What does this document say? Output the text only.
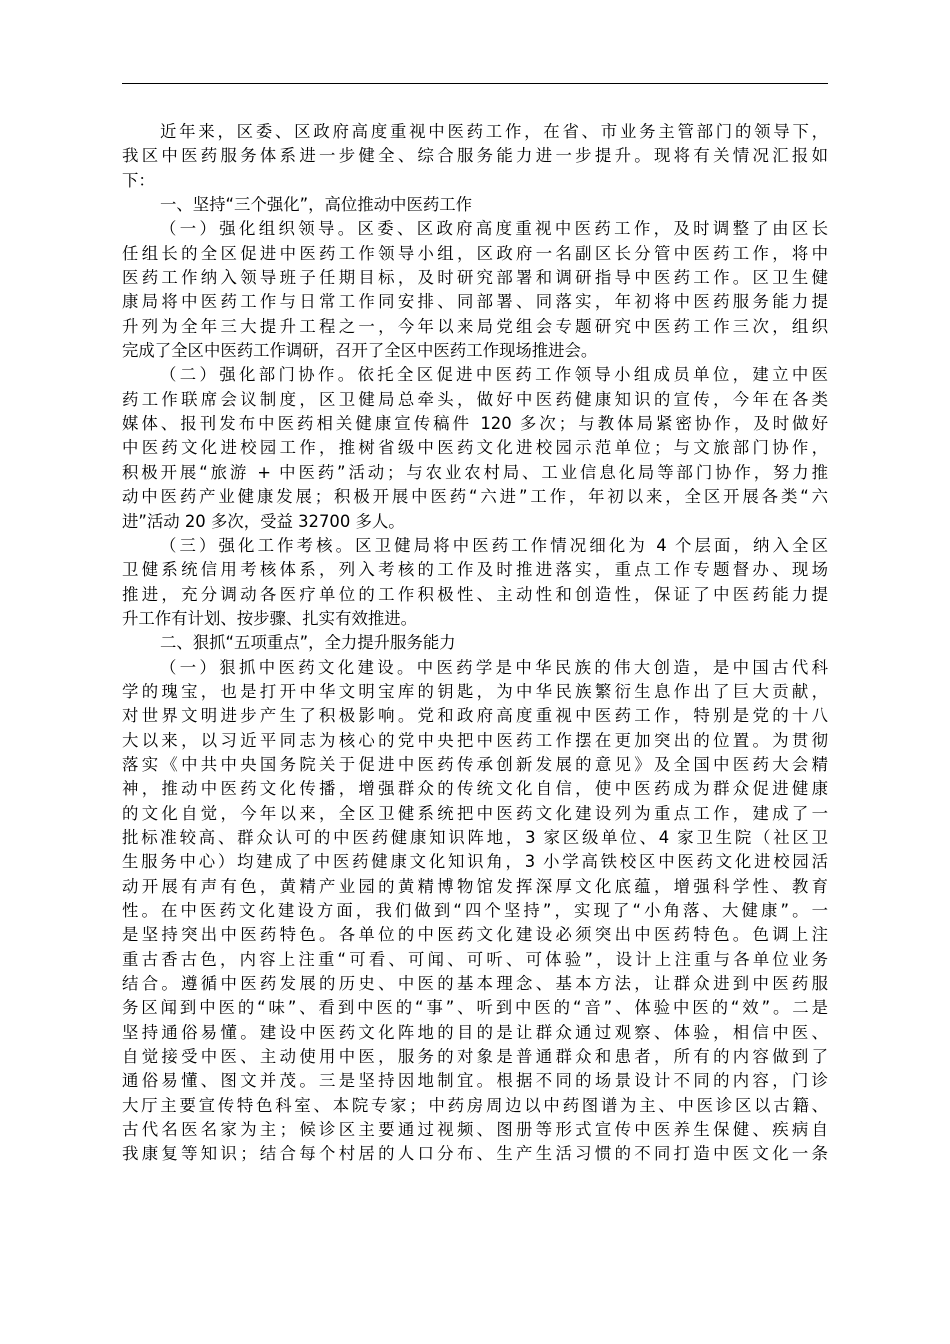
近年来，区委、区政府高度重视中医药工作，在省、市业务主管部门的领导下，
我区中医药服务体系进一步健全、综合服务能力进一步提升。现将有关情况汇报如
下：
一、坚持“三个强化”，高位推动中医药工作
（一）强化组织领导。区委、区政府高度重视中医药工作，及时调整了由区长
任组长的全区促进中医药工作领导小组，区政府一名副区长分管中医药工作，将中
医药工作纳入领导班子任期目标，及时研究部署和调研指导中医药工作。区卫生健
康局将中医药工作与日常工作同安排、同部署、同落实，年初将中医药服务能力提
升列为全年三大提升工程之一，今年以来局党组会专题研究中医药工作三次，组织
完成了全区中医药工作调研，召开了全区中医药工作现场推进会。
（二）强化部门协作。依托全区促进中医药工作领导小组成员单位，建立中医
药工作联席会议制度，区卫健局总牵头，做好中医药健康知识的宣传，今年在各类
媒体、报刊发布中医药相关健康宣传稿件 120 多次；与教体局紧密协作，及时做好
中医药文化进校园工作，推树省级中医药文化进校园示范单位；与文旅部门协作，
积极开展“旅游 + 中医药”活动；与农业农村局、工业信息化局等部门协作，努力推
动中医药产业健康发展；积极开展中医药“六进”工作，年初以来，全区开展各类“六
进”活动 20 多次，受益 32700 多人。
（三）强化工作考核。区卫健局将中医药工作情况细化为 4 个层面，纳入全区
卫健系统信用考核体系，列入考核的工作及时推进落实，重点工作专题督办、现场
推进，充分调动各医疗单位的工作积极性、主动性和创造性，保证了中医药能力提
升工作有计划、按步骤、扎实有效推进。
二、狠抓“五项重点”，全力提升服务能力
（一）狠抓中医药文化建设。中医药学是中华民族的伟大创造，是中国古代科
学的瑰宝，也是打开中华文明宝库的钥匙，为中华民族繁衍生息作出了巨大贡献，
对世界文明进步产生了积极影响。党和政府高度重视中医药工作，特别是党的十八
大以来，以习近平同志为核心的党中央把中医药工作摆在更加突出的位置。为贯彻
落实《中共中央国务院关于促进中医药传承创新发展的意见》及全国中医药大会精
神，推动中医药文化传播，增强群众的传统文化自信，使中医药成为群众促进健康
的文化自觉，今年以来，全区卫健系统把中医药文化建设列为重点工作，建成了一
批标准较高、群众认可的中医药健康知识阵地，3 家区级单位、4 家卫生院（社区卫
生服务中心）均建成了中医药健康文化知识角，3 小学高铁校区中医药文化进校园活
动开展有声有色，黄精产业园的黄精博物馆发挥深厚文化底蕴，增强科学性、教育
性。在中医药文化建设方面，我们做到“四个坚持”，实现了“小角落、大健康”。一
是坚持突出中医药特色。各单位的中医药文化建设必须突出中医药特色。色调上注
重古香古色，内容上注重“可看、可闻、可听、可体验”，设计上注重与各单位业务
结合。遵循中医药发展的历史、中医的基本理念、基本方法，让群众进到中医药服
务区闻到中医的“味”、看到中医的“事”、听到中医的“音”、体验中医的“效”。二是
坚持通俗易懂。建设中医药文化阵地的目的是让群众通过观察、体验，相信中医、
自觉接受中医、主动使用中医，服务的对象是普通群众和患者，所有的内容做到了
通俗易懂、图文并茂。三是坚持因地制宜。根据不同的场景设计不同的内容，门诊
大厅主要宣传特色科室、本院专家；中药房周边以中药图谱为主、中医诊区以古籍、
古代名医名家为主；候诊区主要通过视频、图册等形式宣传中医养生保健、疾病自
我康复等知识；结合每个村居的人口分布、生产生活习惯的不同打造中医文化一条
